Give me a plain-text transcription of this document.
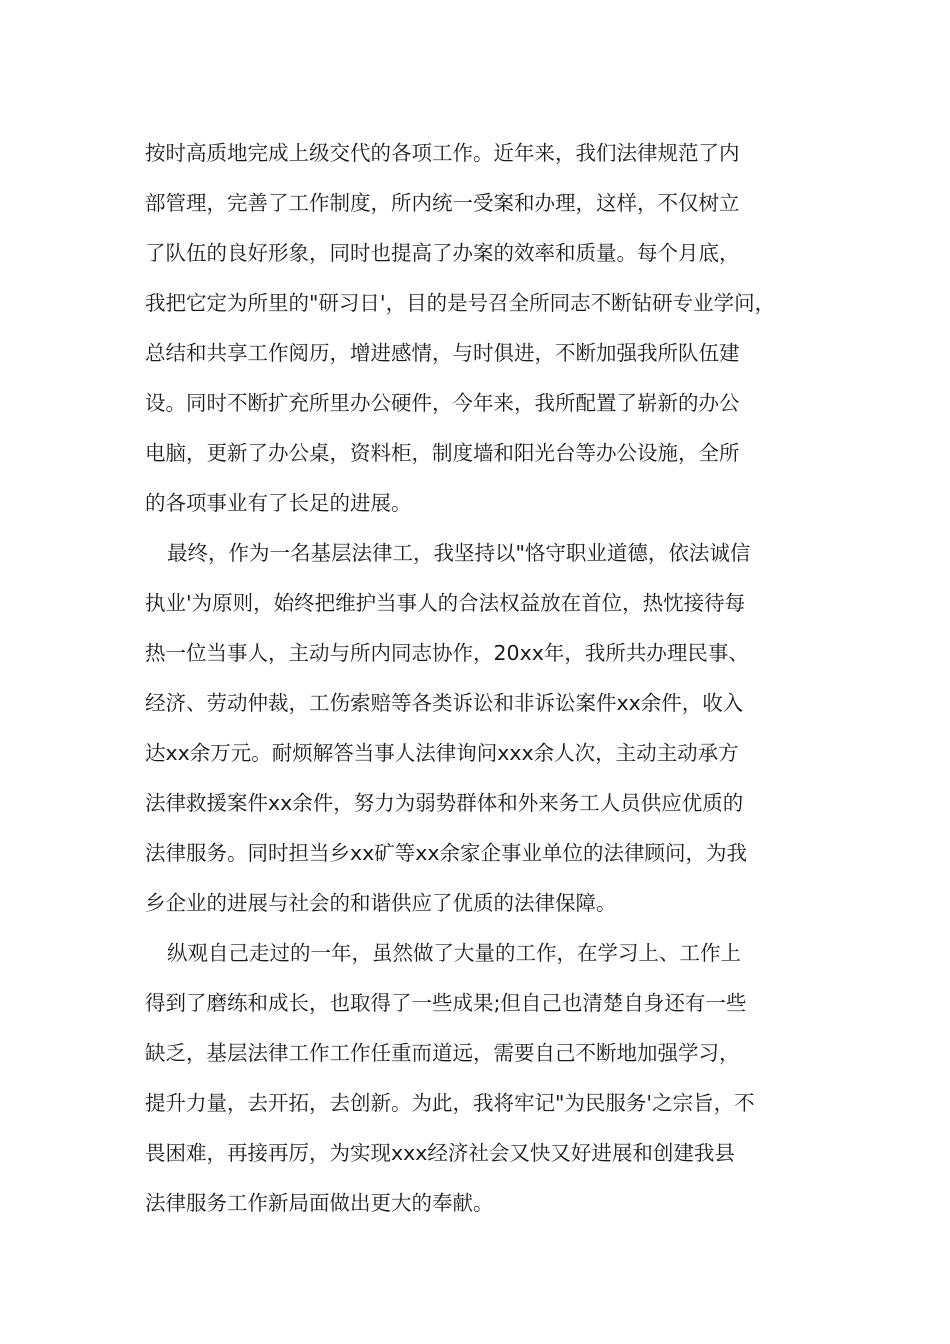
按时高质地完成上级交代的各项工作。近年来，我们法律规范了内
部管理，完善了工作制度，所内统一受案和办理，这样，不仅树立
了队伍的良好形象，同时也提高了办案的效率和质量。每个月底，
我把它定为所里的"研习日'，目的是号召全所同志不断钻研专业学问，
总结和共享工作阅历，增进感情，与时俱进，不断加强我所队伍建
设。同时不断扩充所里办公硬件，今年来，我所配置了崭新的办公
电脑，更新了办公桌，资料柜，制度墙和阳光台等办公设施，全所
的各项事业有了长足的进展。
最终，作为一名基层法律工，我坚持以"恪守职业道德，依法诚信
执业'为原则，始终把维护当事人的合法权益放在首位，热忱接待每
热一位当事人，主动与所内同志协作，20xx年，我所共办理民事、
经济、劳动仲裁，工伤索赔等各类诉讼和非诉讼案件xx余件，收入
达xx余万元。耐烦解答当事人法律询问xxx余人次，主动主动承方
法律救援案件xx余件，努力为弱势群体和外来务工人员供应优质的
法律服务。同时担当乡xx矿等xx余家企事业单位的法律顾问，为我
乡企业的进展与社会的和谐供应了优质的法律保障。
纵观自己走过的一年，虽然做了大量的工作，在学习上、工作上
得到了磨练和成长，也取得了一些成果;但自己也清楚自身还有一些
缺乏，基层法律工作工作任重而道远，需要自己不断地加强学习，
提升力量，去开拓，去创新。为此，我将牢记"为民服务'之宗旨，不
畏困难，再接再厉，为实现xxx经济社会又快又好进展和创建我县
法律服务工作新局面做出更大的奉献。
